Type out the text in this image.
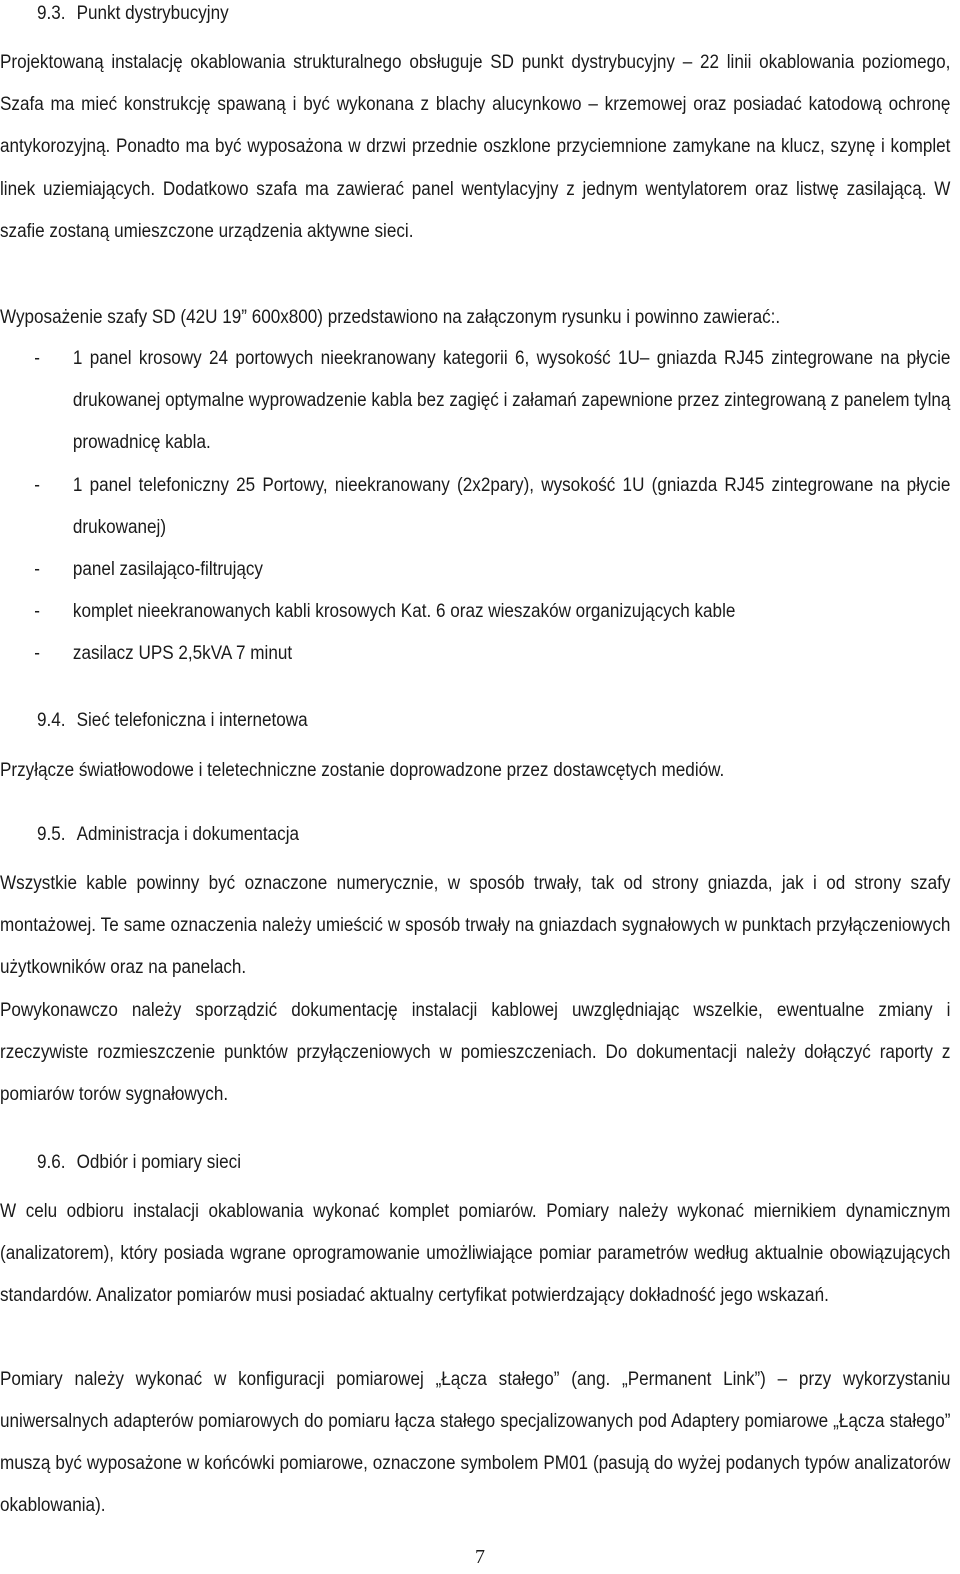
9.3. Punkt dystrybucyjny
Projektowaną instalację okablowania strukturalnego obsługuje SD punkt dystrybucyjny – 22 linii okablowania poziomego, Szafa ma mieć konstrukcję spawaną i być wykonana z blachy alucynkowo – krzemowej oraz posiadać katodową ochronę antykorozyjną. Ponadto ma być wyposażona w drzwi przednie oszklone przyciemnione zamykane na klucz, szynę i komplet linek uziemiających. Dodatkowo szafa ma zawierać panel wentylacyjny z jednym wentylatorem oraz listwę zasilającą. W szafie zostaną umieszczone urządzenia aktywne sieci.
Wyposażenie szafy SD (42U 19” 600x800) przedstawiono na załączonym rysunku i powinno zawierać:.
- 1 panel krosowy 24 portowych nieekranowany kategorii 6, wysokość 1U– gniazda RJ45 zintegrowane na płycie drukowanej optymalne wyprowadzenie kabla bez zagięć i załamań zapewnione przez zintegrowaną z panelem tylną prowadnicę kabla.
- 1 panel telefoniczny 25 Portowy, nieekranowany (2x2pary), wysokość 1U (gniazda RJ45 zintegrowane na płycie drukowanej)
- panel zasilająco-filtrujący
- komplet nieekranowanych kabli krosowych Kat. 6 oraz wieszaków organizujących kable
- zasilacz UPS 2,5kVA 7 minut
9.4. Sieć telefoniczna i internetowa
Przyłącze światłowodowe i teletechniczne zostanie doprowadzone przez dostawcętych mediów.
9.5. Administracja i dokumentacja
Wszystkie kable powinny być oznaczone numerycznie, w sposób trwały, tak od strony gniazda, jak i od strony szafy montażowej. Te same oznaczenia należy umieścić w sposób trwały na gniazdach sygnałowych w punktach przyłączeniowych użytkowników oraz na panelach.
Powykonawczo należy sporządzić dokumentację instalacji kablowej uwzględniając wszelkie, ewentualne zmiany i rzeczywiste rozmieszczenie punktów przyłączeniowych w pomieszczeniach. Do dokumentacji należy dołączyć raporty z pomiarów torów sygnałowych.
9.6. Odbiór i pomiary sieci
W celu odbioru instalacji okablowania wykonać komplet pomiarów. Pomiary należy wykonać miernikiem dynamicznym (analizatorem), który posiada wgrane oprogramowanie umożliwiające pomiar parametrów według aktualnie obowiązujących standardów. Analizator pomiarów musi posiadać aktualny certyfikat potwierdzający dokładność jego wskazań.
Pomiary należy wykonać w konfiguracji pomiarowej „Łącza stałego” (ang. „Permanent Link”) – przy wykorzystaniu uniwersalnych adapterów pomiarowych do pomiaru łącza stałego specjalizowanych pod Adaptery pomiarowe „Łącza stałego” muszą być wyposażone w końcówki pomiarowe, oznaczone symbolem PM01 (pasują do wyżej podanych typów analizatorów okablowania).
7
